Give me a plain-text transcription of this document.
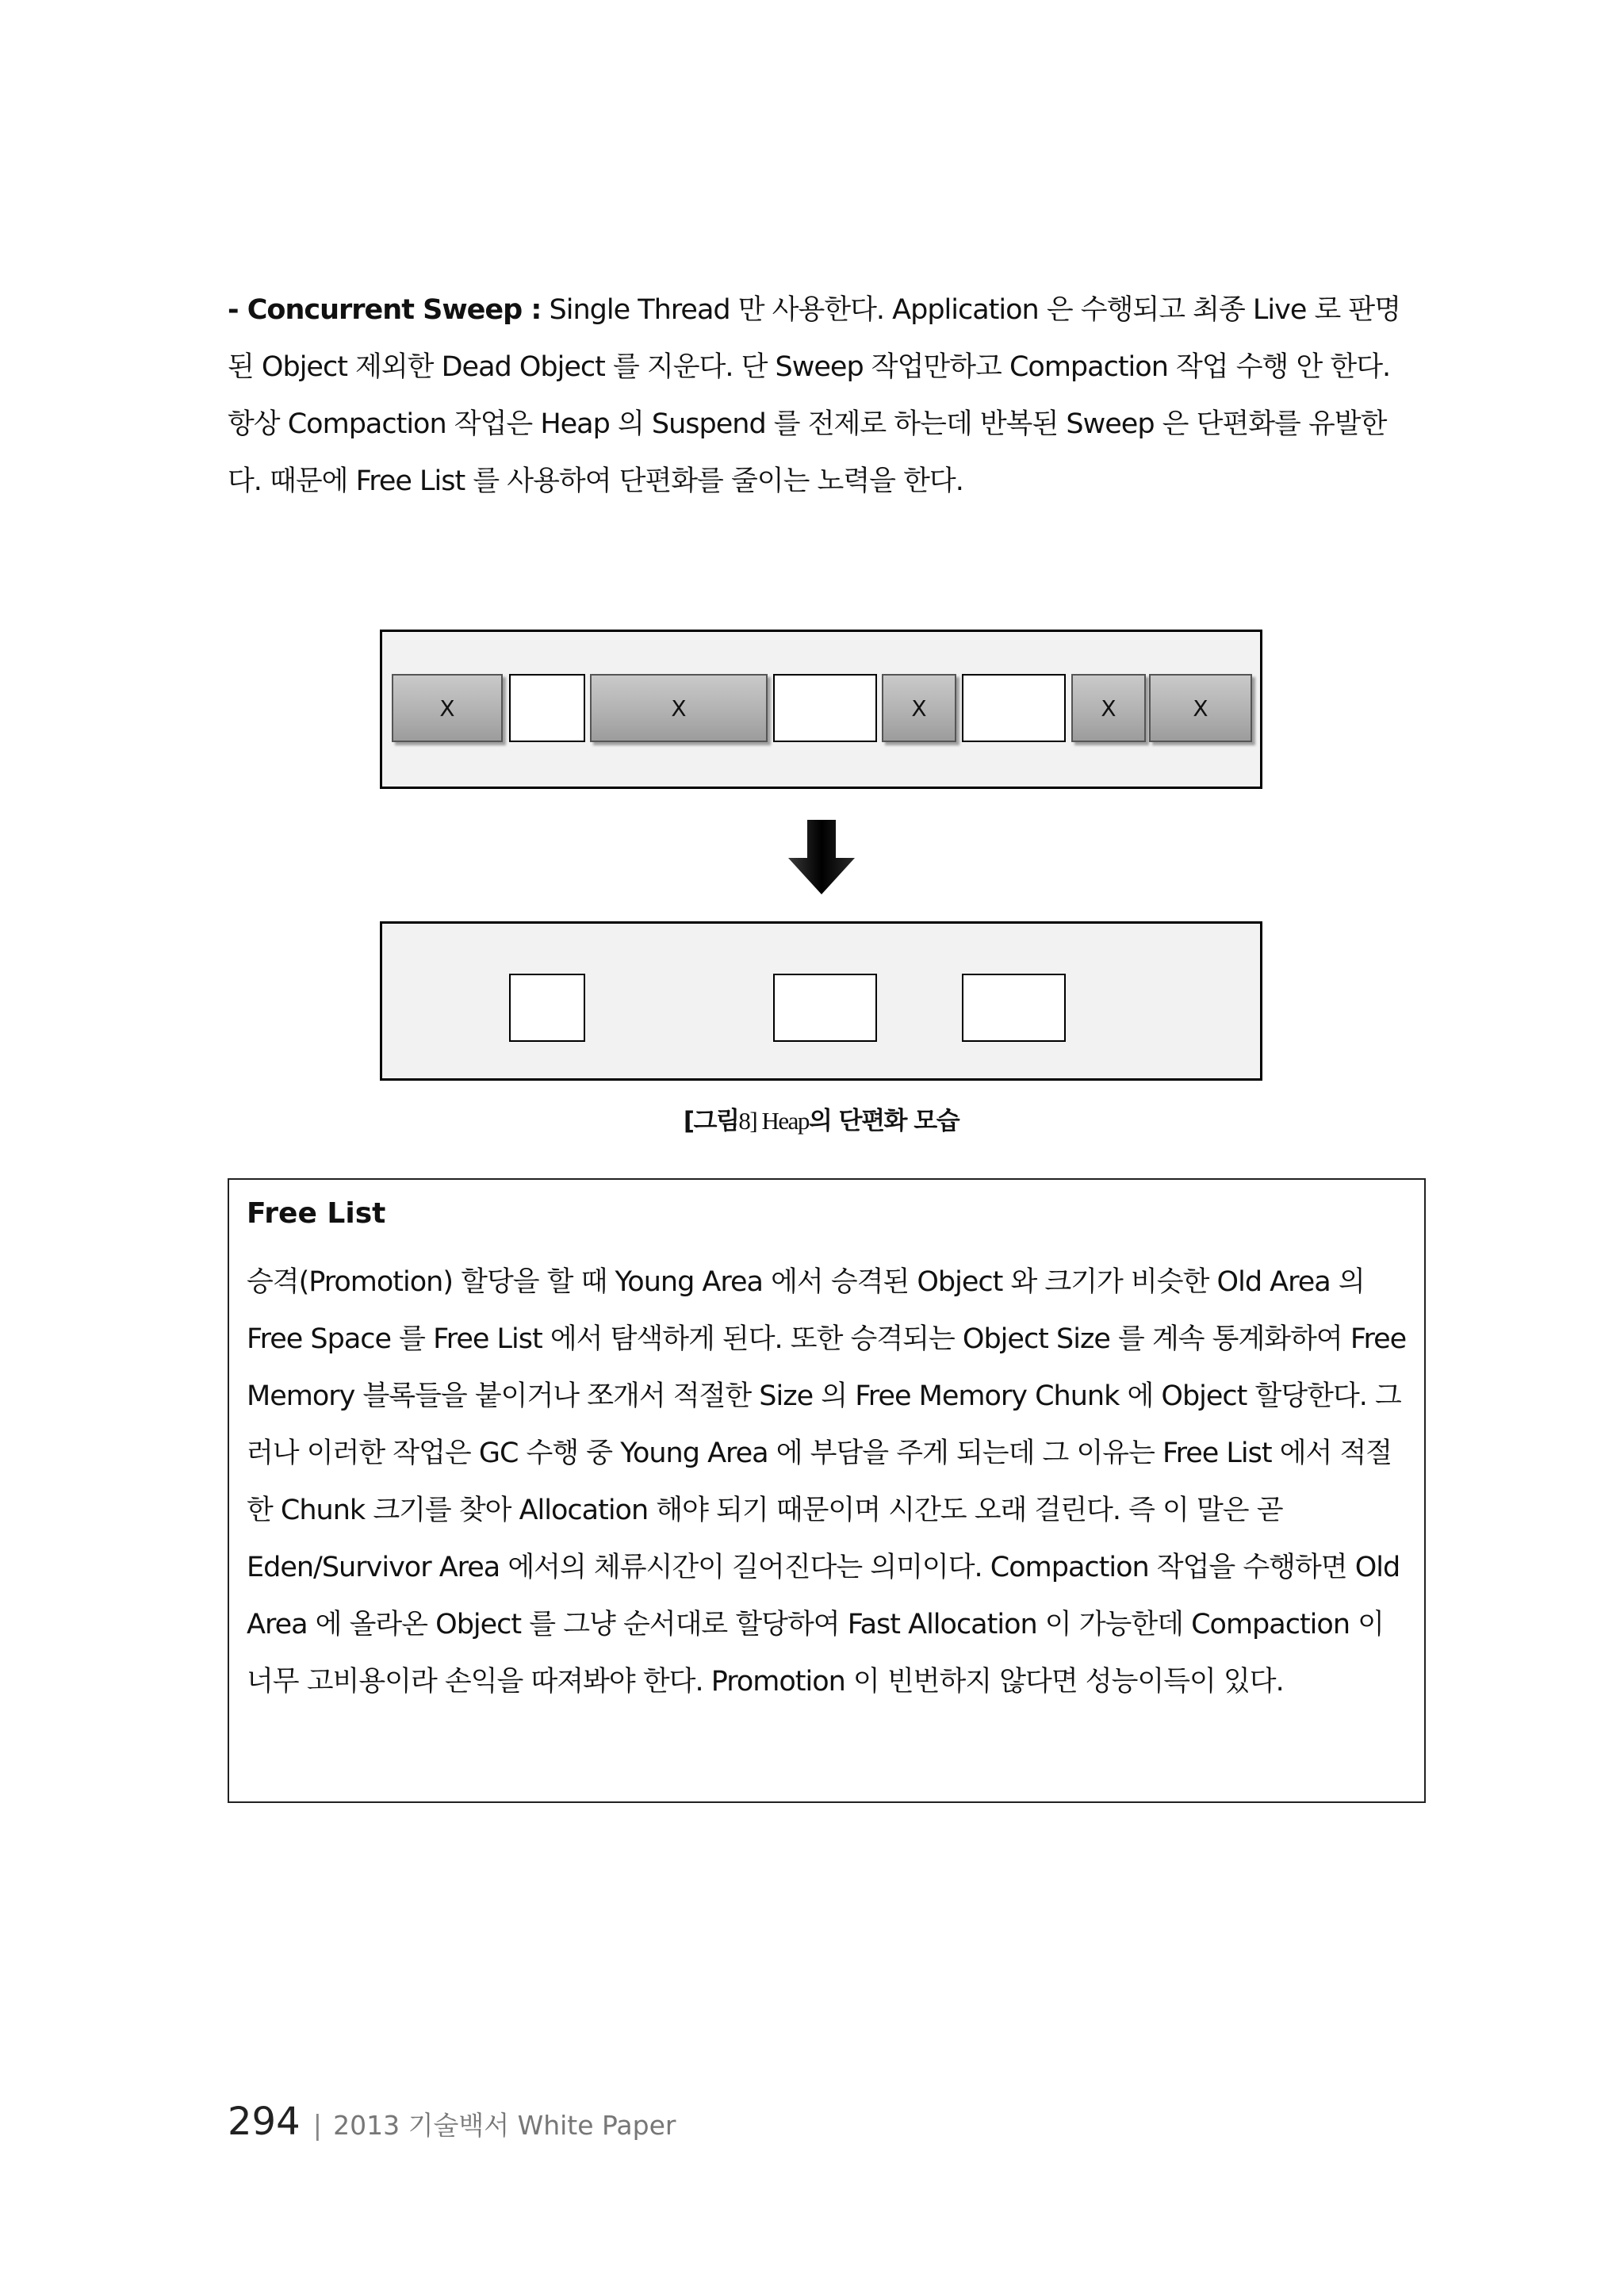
- Concurrent Sweep : Single Thread 만 사용한다. Application 은 수행되고 최종 Live 로 판명된 Object 제외한 Dead Object 를 지운다. 단 Sweep 작업만하고 Compaction 작업 수행 안 한다. 항상 Compaction 작업은 Heap 의 Suspend 를 전제로 하는데 반복된 Sweep 은 단편화를 유발한다. 때문에 Free List 를 사용하여 단편화를 줄이는 노력을 한다.

X	X	X	X	X
[그림8] Heap의 단편화 모습
Free List

승격(Promotion) 할당을 할 때 Young Area 에서 승격된 Object 와 크기가 비슷한 Old Area 의 Free Space 를 Free List 에서 탐색하게 된다. 또한 승격되는 Object Size 를 계속 통계화하여 Free Memory 블록들을 붙이거나 쪼개서 적절한 Size 의 Free Memory Chunk 에 Object 할당한다. 그러나 이러한 작업은 GC 수행 중 Young Area 에 부담을 주게 되는데 그 이유는 Free List 에서 적절한 Chunk 크기를 찾아 Allocation 해야 되기 때문이며 시간도 오래 걸린다. 즉 이 말은 곧 Eden/Survivor Area 에서의 체류시간이 길어진다는 의미이다. Compaction 작업을 수행하면 Old Area 에 올라온 Object 를 그냥 순서대로 할당하여 Fast Allocation 이 가능한데 Compaction 이 너무 고비용이라 손익을 따져봐야 한다. Promotion 이 빈번하지 않다면 성능이득이 있다.

294 | 2013 기술백서 White Paper
